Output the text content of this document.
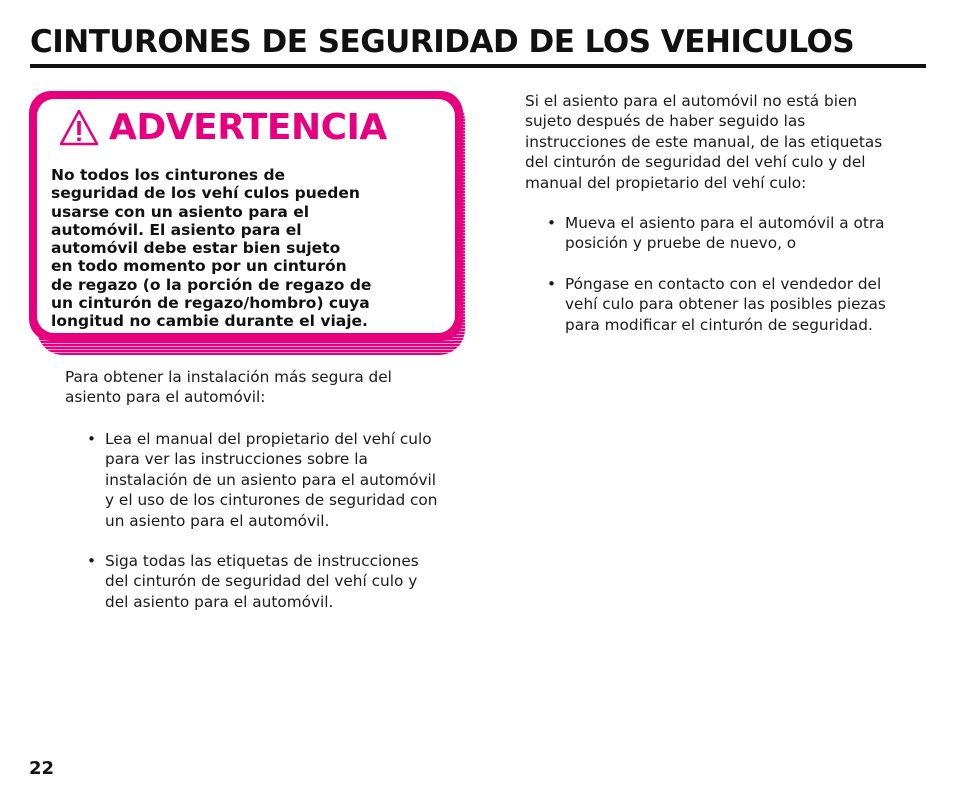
CINTURONES DE SEGURIDAD DE LOS VEHICULOS
ADVERTENCIA
No todos los cinturones de
seguridad de los vehí culos pueden
usarse con un asiento para el
automóvil. El asiento para el
automóvil debe estar bien sujeto
en todo momento por un cinturón
de regazo (o la porción de regazo de
un cinturón de regazo/hombro) cuya
longitud no cambie durante el viaje.
Para obtener la instalación más segura del
asiento para el automóvil:
• Lea el manual del propietario del vehí culo
para ver las instrucciones sobre la
instalación de un asiento para el automóvil
y el uso de los cinturones de seguridad con
un asiento para el automóvil.
• Siga todas las etiquetas de instrucciones
del cinturón de seguridad del vehí culo y
del asiento para el automóvil.
Si el asiento para el automóvil no está bien
sujeto después de haber seguido las
instrucciones de este manual, de las etiquetas
del cinturón de seguridad del vehí culo y del
manual del propietario del vehí culo:
• Mueva el asiento para el automóvil a otra
posición y pruebe de nuevo, o
• Póngase en contacto con el vendedor del
vehí culo para obtener las posibles piezas
para modificar el cinturón de seguridad.
22
